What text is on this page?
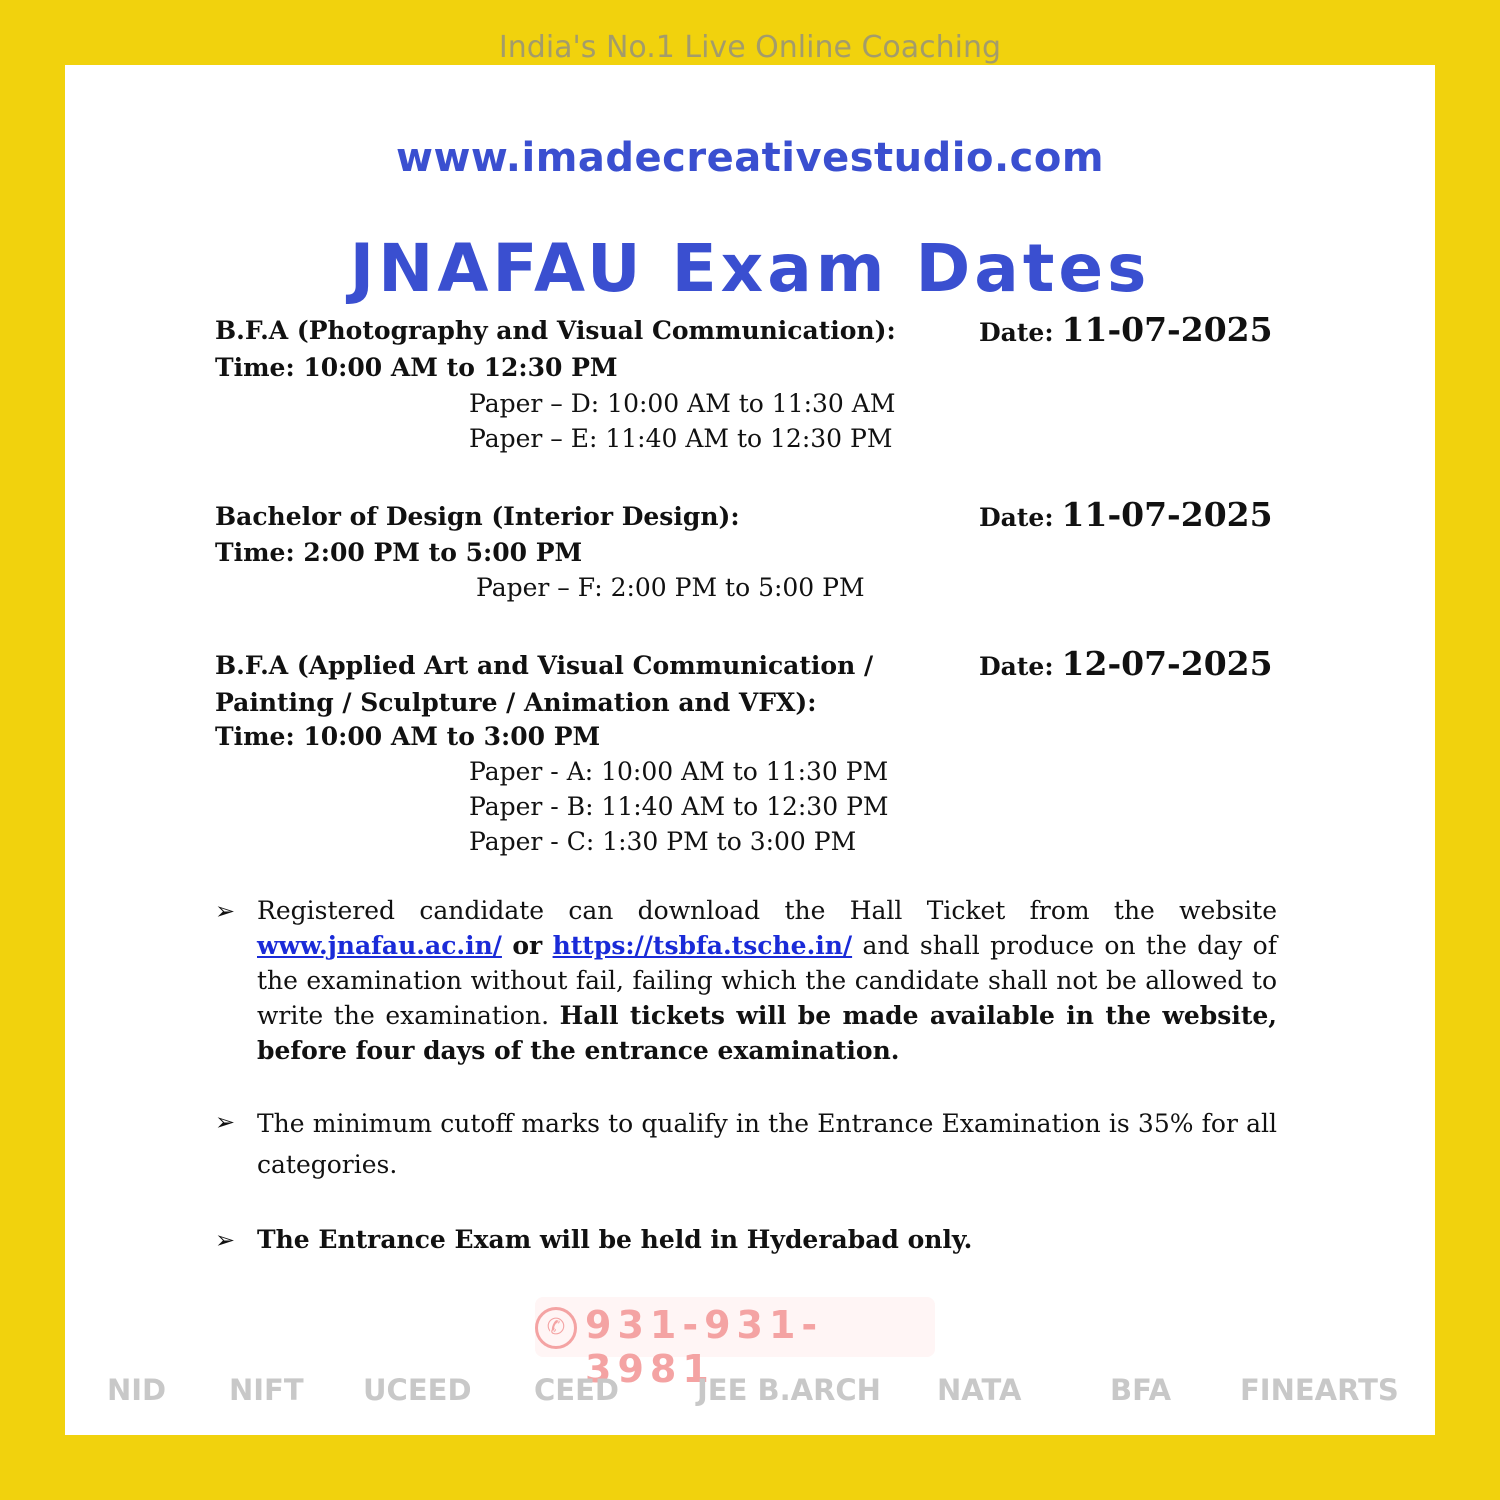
India's No.1 Live Online Coaching
www.imadecreativestudio.com
JNAFAU Exam Dates
B.F.A (Photography and Visual Communication):
Time: 10:00 AM to 12:30 PM
Paper – D: 10:00 AM to 11:30 AM
Paper – E: 11:40 AM to 12:30 PM
Date: 11-07-2025
Bachelor of Design (Interior Design):
Time: 2:00 PM to 5:00 PM
Paper – F: 2:00 PM to 5:00 PM
Date: 11-07-2025
B.F.A (Applied Art and Visual Communication /
Painting / Sculpture / Animation and VFX):
Time: 10:00 AM to 3:00 PM
Paper - A: 10:00 AM to 11:30 PM
Paper - B: 11:40 AM to 12:30 PM
Paper - C: 1:30 PM to 3:00 PM
Date: 12-07-2025
➢ Registered candidate can download the Hall Ticket from the website www.jnafau.ac.in/ or https://tsbfa.tsche.in/ and shall produce on the day of the examination without fail, failing which the candidate shall not be allowed to write the examination. Hall tickets will be made available in the website, before four days of the entrance examination.
➢ The minimum cutoff marks to qualify in the Entrance Examination is 35% for all categories.
➢ The Entrance Exam will be held in Hyderabad only.
✆ 931-931-3981
NID NIFT UCEED CEED	JEE B.ARCH NATA	BFA FINEARTS
